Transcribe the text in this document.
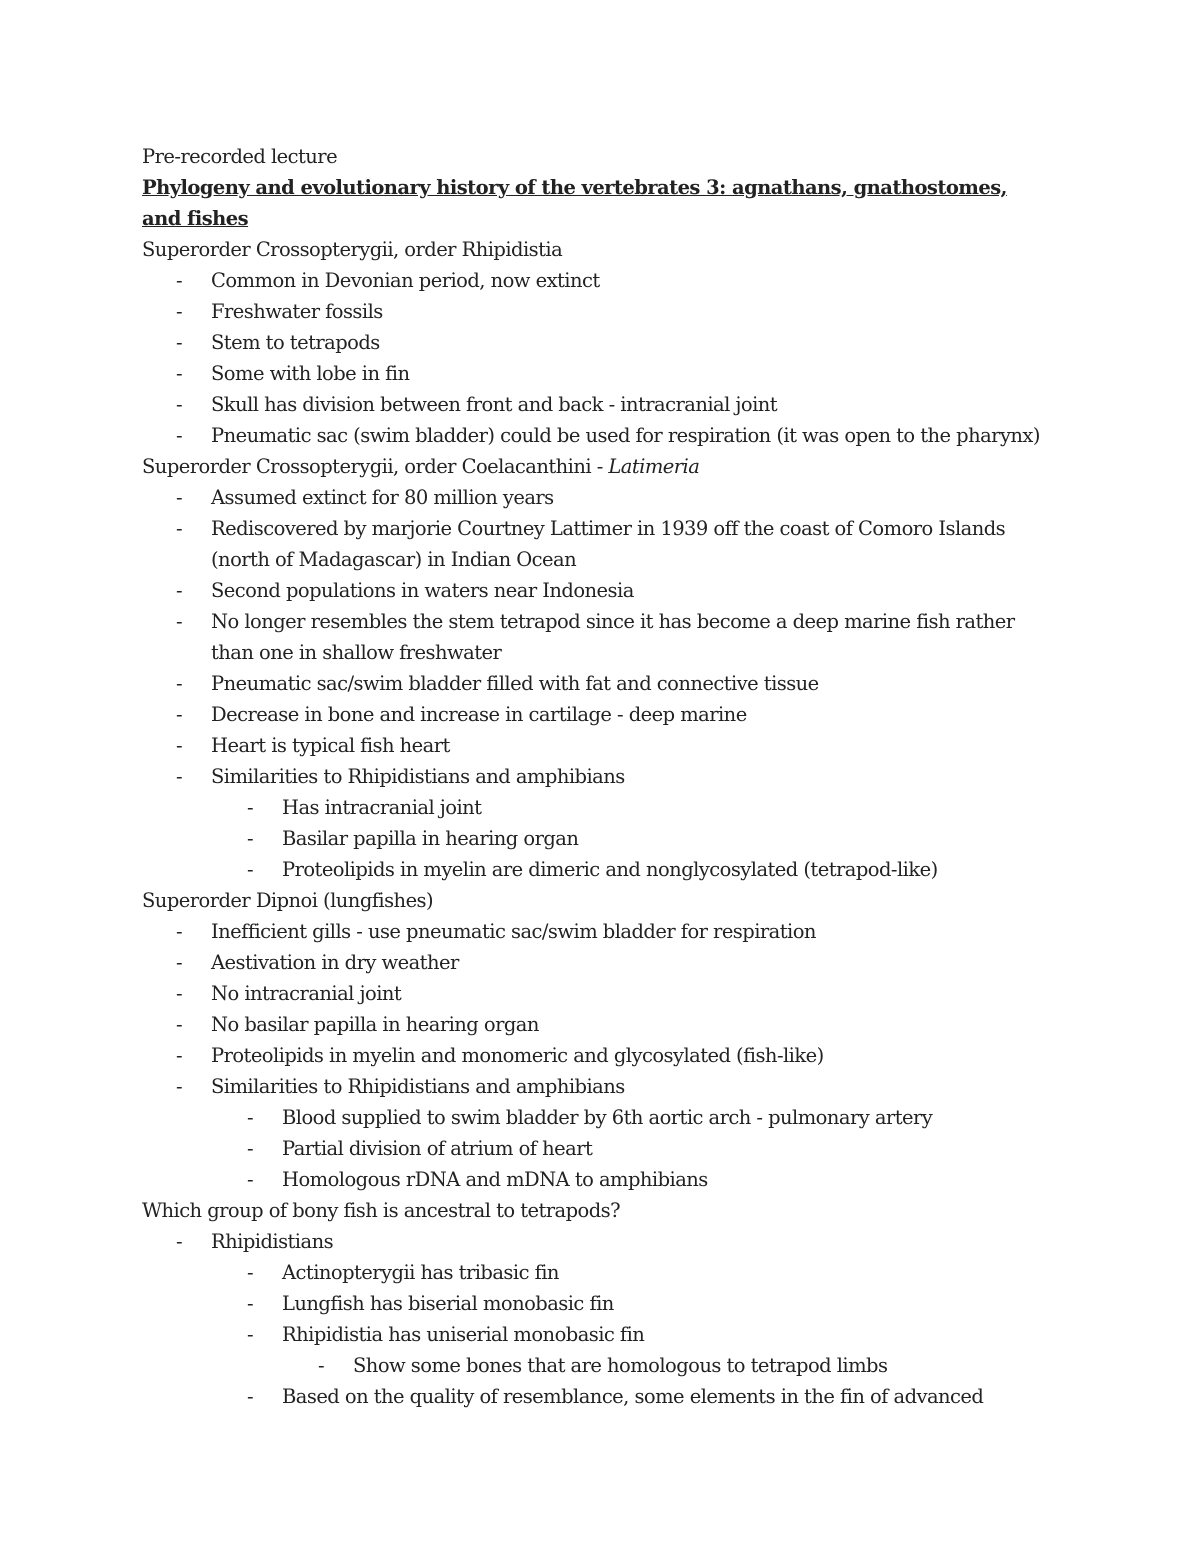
Pre-recorded lecture
Phylogeny and evolutionary history of the vertebrates 3: agnathans, gnathostomes, and fishes
Superorder Crossopterygii, order Rhipidistia
- Common in Devonian period, now extinct
- Freshwater fossils
- Stem to tetrapods
- Some with lobe in fin
- Skull has division between front and back - intracranial joint
- Pneumatic sac (swim bladder) could be used for respiration (it was open to the pharynx)
Superorder Crossopterygii, order Coelacanthini - Latimeria
- Assumed extinct for 80 million years
- Rediscovered by marjorie Courtney Lattimer in 1939 off the coast of Comoro Islands (north of Madagascar) in Indian Ocean
- Second populations in waters near Indonesia
- No longer resembles the stem tetrapod since it has become a deep marine fish rather than one in shallow freshwater
- Pneumatic sac/swim bladder filled with fat and connective tissue
- Decrease in bone and increase in cartilage - deep marine
- Heart is typical fish heart
- Similarities to Rhipidistians and amphibians
- Has intracranial joint
- Basilar papilla in hearing organ
- Proteolipids in myelin are dimeric and nonglycosylated (tetrapod-like)
Superorder Dipnoi (lungfishes)
- Inefficient gills - use pneumatic sac/swim bladder for respiration
- Aestivation in dry weather
- No intracranial joint
- No basilar papilla in hearing organ
- Proteolipids in myelin and monomeric and glycosylated (fish-like)
- Similarities to Rhipidistians and amphibians
- Blood supplied to swim bladder by 6th aortic arch - pulmonary artery
- Partial division of atrium of heart
- Homologous rDNA and mDNA to amphibians
Which group of bony fish is ancestral to tetrapods?
- Rhipidistians
- Actinopterygii has tribasic fin
- Lungfish has biserial monobasic fin
- Rhipidistia has uniserial monobasic fin
- Show some bones that are homologous to tetrapod limbs
- Based on the quality of resemblance, some elements in the fin of advanced
